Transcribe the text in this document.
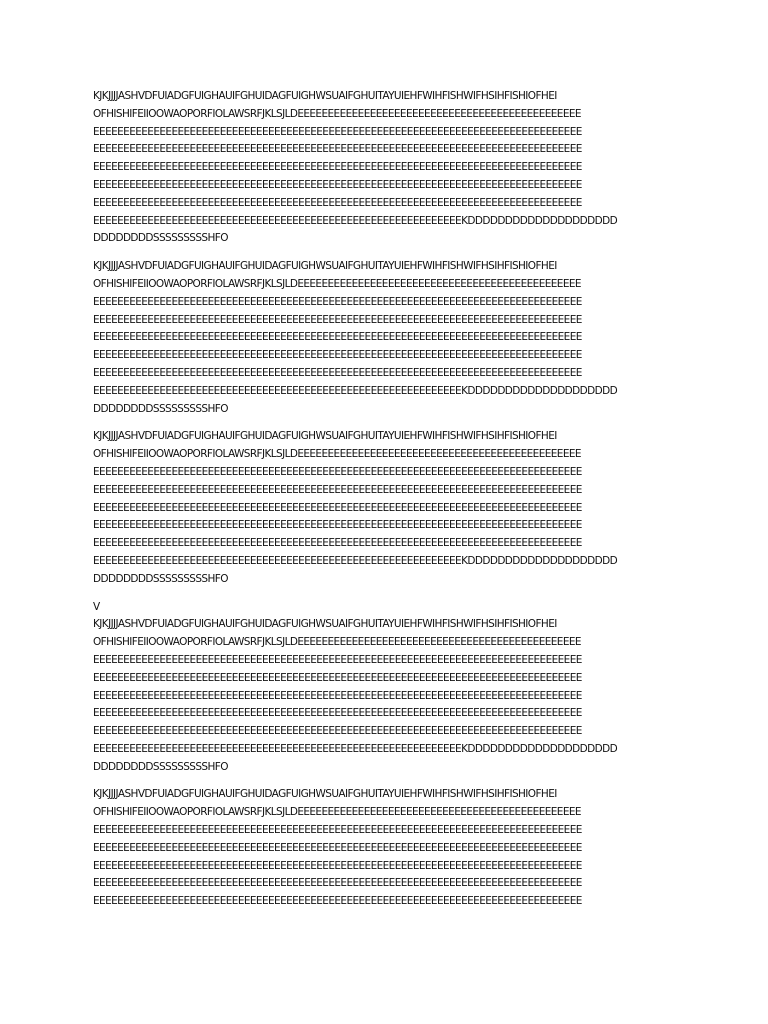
KJKJJJJASHVDFUIADGFUIGHAUIFGHUIDAGFUIGHWSUAIFGHUITAYUIEHFWIHFISHWIFHSIHFISHIOFHEI
OFHISHIFEIIOOWAOPORFIOLAWSRFJKLSJLDEEEEEEEEEEEEEEEEEEEEEEEEEEEEEEEEEEEEEEEEEEEEEEE
EEEEEEEEEEEEEEEEEEEEEEEEEEEEEEEEEEEEEEEEEEEEEEEEEEEEEEEEEEEEEEEEEEEEEEEEEEEEEEEEE
EEEEEEEEEEEEEEEEEEEEEEEEEEEEEEEEEEEEEEEEEEEEEEEEEEEEEEEEEEEEEEEEEEEEEEEEEEEEEEEEE
EEEEEEEEEEEEEEEEEEEEEEEEEEEEEEEEEEEEEEEEEEEEEEEEEEEEEEEEEEEEEEEEEEEEEEEEEEEEEEEEE
EEEEEEEEEEEEEEEEEEEEEEEEEEEEEEEEEEEEEEEEEEEEEEEEEEEEEEEEEEEEEEEEEEEEEEEEEEEEEEEEE
EEEEEEEEEEEEEEEEEEEEEEEEEEEEEEEEEEEEEEEEEEEEEEEEEEEEEEEEEEEEEEEEEEEEEEEEEEEEEEEEE
EEEEEEEEEEEEEEEEEEEEEEEEEEEEEEEEEEEEEEEEEEEEEEEEEEEEEEEEEEEEEKDDDDDDDDDDDDDDDDDDDD
DDDDDDDDSSSSSSSSSHFO

KJKJJJJASHVDFUIADGFUIGHAUIFGHUIDAGFUIGHWSUAIFGHUITAYUIEHFWIHFISHWIFHSIHFISHIOFHEI
OFHISHIFEIIOOWAOPORFIOLAWSRFJKLSJLDEEEEEEEEEEEEEEEEEEEEEEEEEEEEEEEEEEEEEEEEEEEEEEE
EEEEEEEEEEEEEEEEEEEEEEEEEEEEEEEEEEEEEEEEEEEEEEEEEEEEEEEEEEEEEEEEEEEEEEEEEEEEEEEEE
EEEEEEEEEEEEEEEEEEEEEEEEEEEEEEEEEEEEEEEEEEEEEEEEEEEEEEEEEEEEEEEEEEEEEEEEEEEEEEEEE
EEEEEEEEEEEEEEEEEEEEEEEEEEEEEEEEEEEEEEEEEEEEEEEEEEEEEEEEEEEEEEEEEEEEEEEEEEEEEEEEE
EEEEEEEEEEEEEEEEEEEEEEEEEEEEEEEEEEEEEEEEEEEEEEEEEEEEEEEEEEEEEEEEEEEEEEEEEEEEEEEEE
EEEEEEEEEEEEEEEEEEEEEEEEEEEEEEEEEEEEEEEEEEEEEEEEEEEEEEEEEEEEEEEEEEEEEEEEEEEEEEEEE
EEEEEEEEEEEEEEEEEEEEEEEEEEEEEEEEEEEEEEEEEEEEEEEEEEEEEEEEEEEEEKDDDDDDDDDDDDDDDDDDDD
DDDDDDDDSSSSSSSSSHFO

KJKJJJJASHVDFUIADGFUIGHAUIFGHUIDAGFUIGHWSUAIFGHUITAYUIEHFWIHFISHWIFHSIHFISHIOFHEI
OFHISHIFEIIOOWAOPORFIOLAWSRFJKLSJLDEEEEEEEEEEEEEEEEEEEEEEEEEEEEEEEEEEEEEEEEEEEEEEE
EEEEEEEEEEEEEEEEEEEEEEEEEEEEEEEEEEEEEEEEEEEEEEEEEEEEEEEEEEEEEEEEEEEEEEEEEEEEEEEEE
EEEEEEEEEEEEEEEEEEEEEEEEEEEEEEEEEEEEEEEEEEEEEEEEEEEEEEEEEEEEEEEEEEEEEEEEEEEEEEEEE
EEEEEEEEEEEEEEEEEEEEEEEEEEEEEEEEEEEEEEEEEEEEEEEEEEEEEEEEEEEEEEEEEEEEEEEEEEEEEEEEE
EEEEEEEEEEEEEEEEEEEEEEEEEEEEEEEEEEEEEEEEEEEEEEEEEEEEEEEEEEEEEEEEEEEEEEEEEEEEEEEEE
EEEEEEEEEEEEEEEEEEEEEEEEEEEEEEEEEEEEEEEEEEEEEEEEEEEEEEEEEEEEEEEEEEEEEEEEEEEEEEEEE
EEEEEEEEEEEEEEEEEEEEEEEEEEEEEEEEEEEEEEEEEEEEEEEEEEEEEEEEEEEEEKDDDDDDDDDDDDDDDDDDDD
DDDDDDDDSSSSSSSSSHFO

V
KJKJJJJASHVDFUIADGFUIGHAUIFGHUIDAGFUIGHWSUAIFGHUITAYUIEHFWIHFISHWIFHSIHFISHIOFHEI
OFHISHIFEIIOOWAOPORFIOLAWSRFJKLSJLDEEEEEEEEEEEEEEEEEEEEEEEEEEEEEEEEEEEEEEEEEEEEEEE
EEEEEEEEEEEEEEEEEEEEEEEEEEEEEEEEEEEEEEEEEEEEEEEEEEEEEEEEEEEEEEEEEEEEEEEEEEEEEEEEE
EEEEEEEEEEEEEEEEEEEEEEEEEEEEEEEEEEEEEEEEEEEEEEEEEEEEEEEEEEEEEEEEEEEEEEEEEEEEEEEEE
EEEEEEEEEEEEEEEEEEEEEEEEEEEEEEEEEEEEEEEEEEEEEEEEEEEEEEEEEEEEEEEEEEEEEEEEEEEEEEEEE
EEEEEEEEEEEEEEEEEEEEEEEEEEEEEEEEEEEEEEEEEEEEEEEEEEEEEEEEEEEEEEEEEEEEEEEEEEEEEEEEE
EEEEEEEEEEEEEEEEEEEEEEEEEEEEEEEEEEEEEEEEEEEEEEEEEEEEEEEEEEEEEEEEEEEEEEEEEEEEEEEEE
EEEEEEEEEEEEEEEEEEEEEEEEEEEEEEEEEEEEEEEEEEEEEEEEEEEEEEEEEEEEEKDDDDDDDDDDDDDDDDDDDD
DDDDDDDDSSSSSSSSSHFO

KJKJJJJASHVDFUIADGFUIGHAUIFGHUIDAGFUIGHWSUAIFGHUITAYUIEHFWIHFISHWIFHSIHFISHIOFHEI
OFHISHIFEIIOOWAOPORFIOLAWSRFJKLSJLDEEEEEEEEEEEEEEEEEEEEEEEEEEEEEEEEEEEEEEEEEEEEEEE
EEEEEEEEEEEEEEEEEEEEEEEEEEEEEEEEEEEEEEEEEEEEEEEEEEEEEEEEEEEEEEEEEEEEEEEEEEEEEEEEE
EEEEEEEEEEEEEEEEEEEEEEEEEEEEEEEEEEEEEEEEEEEEEEEEEEEEEEEEEEEEEEEEEEEEEEEEEEEEEEEEE
EEEEEEEEEEEEEEEEEEEEEEEEEEEEEEEEEEEEEEEEEEEEEEEEEEEEEEEEEEEEEEEEEEEEEEEEEEEEEEEEE
EEEEEEEEEEEEEEEEEEEEEEEEEEEEEEEEEEEEEEEEEEEEEEEEEEEEEEEEEEEEEEEEEEEEEEEEEEEEEEEEE
EEEEEEEEEEEEEEEEEEEEEEEEEEEEEEEEEEEEEEEEEEEEEEEEEEEEEEEEEEEEEEEEEEEEEEEEEEEEEEEEE
